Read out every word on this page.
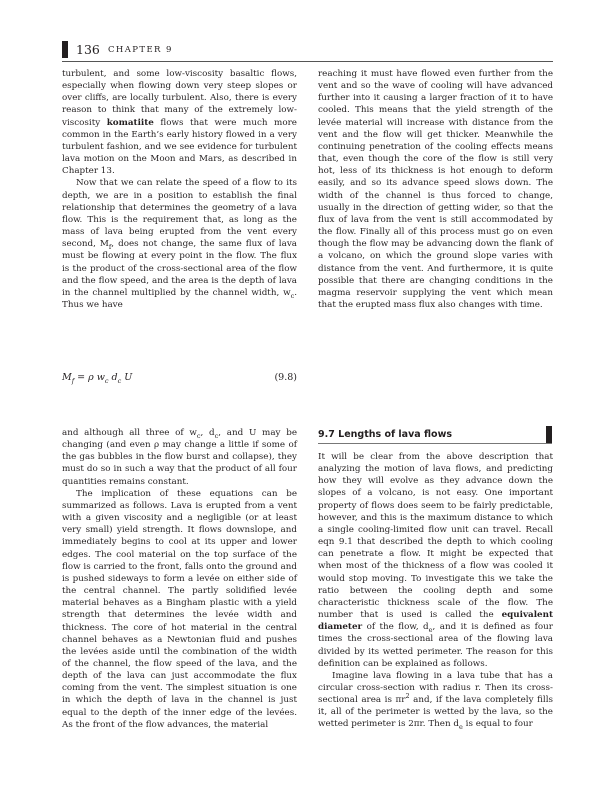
136 CHAPTER 9

turbulent, and some low-viscosity basaltic flows, especially when flowing down very steep slopes or over cliffs, are locally turbulent. Also, there is every reason to think that many of the extremely low-viscosity komatiite flows that were much more common in the Earth’s early history flowed in a very turbulent fashion, and we see evidence for turbulent lava motion on the Moon and Mars, as described in Chapter 13.

Now that we can relate the speed of a flow to its depth, we are in a position to establish the final relationship that determines the geometry of a lava flow. This is the requirement that, as long as the mass of lava being erupted from the vent every second, $M_f$, does not change, the same flux of lava must be flowing at every point in the flow. The flux is the product of the cross-sectional area of the flow and the flow speed, and the area is the depth of lava in the channel multiplied by the channel width, $w_c$. Thus we have

$M_f = \rho$ $w_c$ $d_c$ U	(9.8)

and although all three of $w_c$, $d_c$, and U may be changing (and even ρ may change a little if some of the gas bubbles in the flow burst and collapse), they must do so in such a way that the product of all four quantities remains constant.

The implication of these equations can be summarized as follows. Lava is erupted from a vent with a given viscosity and a negligible (or at least very small) yield strength. It flows downslope, and immediately begins to cool at its upper and lower edges. The cool material on the top surface of the flow is carried to the front, falls onto the ground and is pushed sideways to form a levée on either side of the central channel. The partly solidified levée material behaves as a Bingham plastic with a yield strength that determines the levée width and thickness. The core of hot material in the central channel behaves as a Newtonian fluid and pushes the levées aside until the combination of the width of the channel, the flow speed of the lava, and the depth of the lava can just accommodate the flux coming from the vent. The simplest situation is one in which the depth of lava in the channel is just equal to the depth of the inner edge of the levées. As the front of the flow advances, the material

reaching it must have flowed even further from the vent and so the wave of cooling will have advanced further into it causing a larger fraction of it to have cooled. This means that the yield strength of the levée material will increase with distance from the vent and the flow will get thicker. Meanwhile the continuing penetration of the cooling effects means that, even though the core of the flow is still very hot, less of its thickness is hot enough to deform easily, and so its advance speed slows down. The width of the channel is thus forced to change, usually in the direction of getting wider, so that the flux of lava from the vent is still accommodated by the flow. Finally all of this process must go on even though the flow may be advancing down the flank of a volcano, on which the ground slope varies with distance from the vent. And furthermore, it is quite possible that there are changing conditions in the magma reservoir supplying the vent which mean that the erupted mass flux also changes with time.

9.7 Lengths of lava flows

It will be clear from the above description that analyzing the motion of lava flows, and predicting how they will evolve as they advance down the slopes of a volcano, is not easy. One important property of flows does seem to be fairly predictable, however, and this is the maximum distance to which a single cooling-limited flow unit can travel. Recall eqn 9.1 that described the depth to which cooling can penetrate a flow. It might be expected that when most of the thickness of a flow was cooled it would stop moving. To investigate this we take the ratio between the cooling depth and some characteristic thickness scale of the flow. The number that is used is called the equivalent diameter of the flow, $d_e$, and it is defined as four times the cross-sectional area of the flowing lava divided by its wetted perimeter. The reason for this definition can be explained as follows.

Imagine lava flowing in a lava tube that has a circular cross-section with radius r. Then its cross-sectional area is $\pi r^2$ and, if the lava completely fills it, all of the perimeter is wetted by the lava, so the wetted perimeter is 2πr. Then $d_e$ is equal to four
